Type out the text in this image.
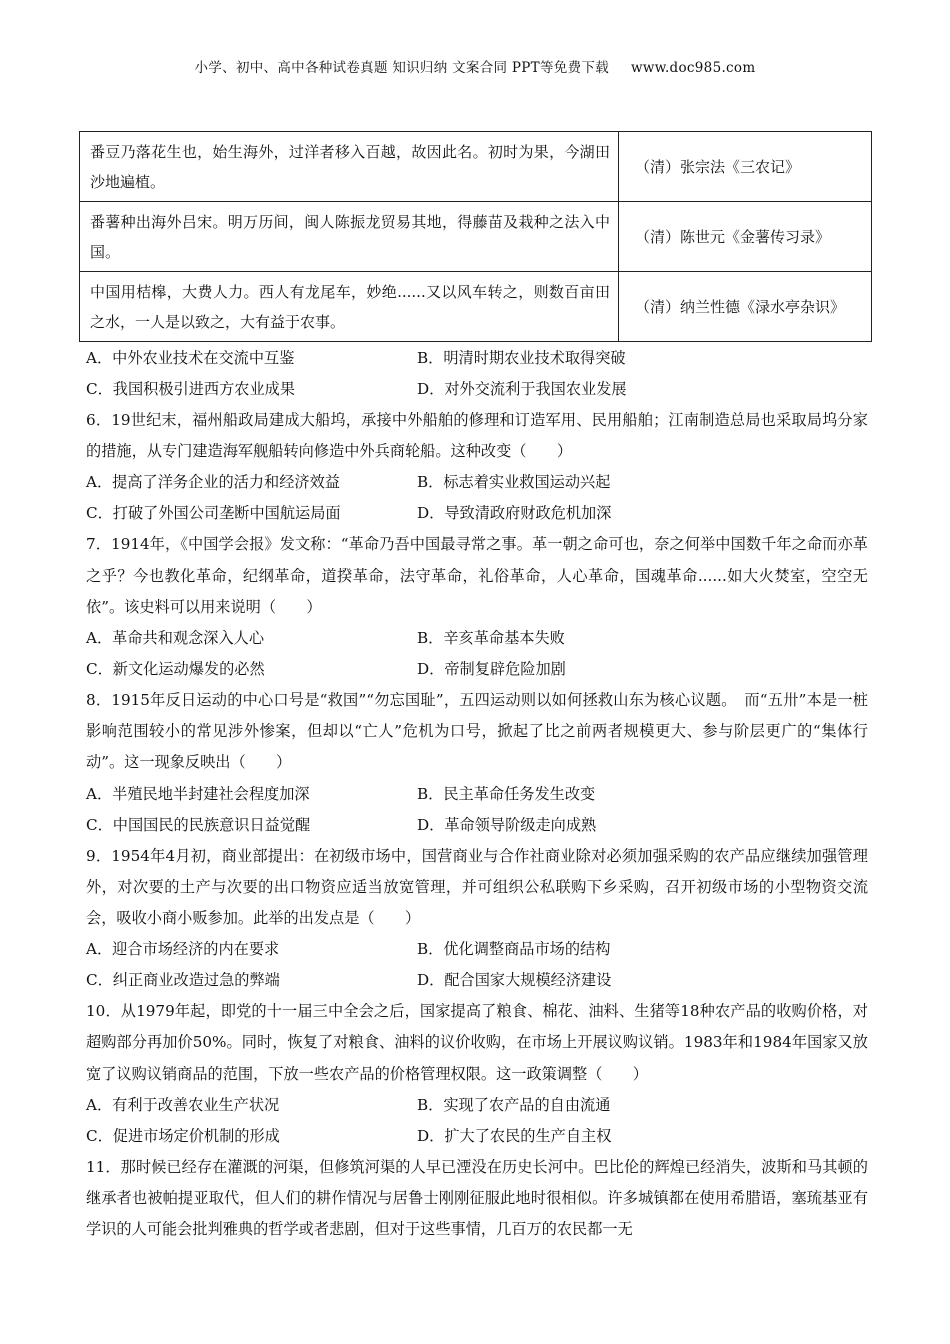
小学、初中、高中各种试卷真题 知识归纳 文案合同 PPT等免费下载 www.doc985.com
番豆乃落花生也，始生海外，过洋者移入百越，故因此名。初时为果，今湖田沙地遍植。	（清）张宗法《三农记》
番薯种出海外吕宋。明万历间，闽人陈振龙贸易其地，得藤苗及栽种之法入中国。	（清）陈世元《金薯传习录》
中国用桔槔，大费人力。西人有龙尾车，妙绝......又以风车转之，则数百亩田之水，一人是以致之，大有益于农事。	（清）纳兰性德《渌水亭杂识》
A．中外农业技术在交流中互鉴	B．明清时期农业技术取得突破
C．我国积极引进西方农业成果	D．对外交流利于我国农业发展
6．19世纪末，福州船政局建成大船坞，承接中外船舶的修理和订造军用、民用船舶；江南制造总局也采取局坞分家的措施，从专门建造海军舰船转向修造中外兵商轮船。这种改变（　　）
A．提高了洋务企业的活力和经济效益	B．标志着实业救国运动兴起
C．打破了外国公司垄断中国航运局面	D．导致清政府财政危机加深
7．1914年，《中国学会报》发文称：“革命乃吾中国最寻常之事。革一朝之命可也，奈之何举中国数千年之命而亦革之乎？今也教化革命，纪纲革命，道揆革命，法守革命，礼俗革命，人心革命，国魂革命......如大火焚室，空空无依”。该史料可以用来说明（　　）
A．革命共和观念深入人心	B．辛亥革命基本失败
C．新文化运动爆发的必然	D．帝制复辟危险加剧
8．1915年反日运动的中心口号是“救国”“勿忘国耻”，五四运动则以如何拯救山东为核心议题。　而“五卅”本是一桩影响范围较小的常见涉外惨案，但却以“亡人”危机为口号，掀起了比之前两者规模更大、参与阶层更广的“集体行动”。这一现象反映出（　　）
A．半殖民地半封建社会程度加深	B．民主革命任务发生改变
C．中国国民的民族意识日益觉醒	D．革命领导阶级走向成熟
9．1954年4月初，商业部提出：在初级市场中，国营商业与合作社商业除对必须加强采购的农产品应继续加强管理外，对次要的土产与次要的出口物资应适当放宽管理，并可组织公私联购下乡采购，召开初级市场的小型物资交流会，吸收小商小贩参加。此举的出发点是（　　）
A．迎合市场经济的内在要求	B．优化调整商品市场的结构
C．纠正商业改造过急的弊端	D．配合国家大规模经济建设
10．从1979年起，即党的十一届三中全会之后，国家提高了粮食、棉花、油料、生猪等18种农产品的收购价格，对超购部分再加价50%。同时，恢复了对粮食、油料的议价收购，在市场上开展议购议销。1983年和1984年国家又放宽了议购议销商品的范围，下放一些农产品的价格管理权限。这一政策调整（　　）
A．有利于改善农业生产状况	B．实现了农产品的自由流通
C．促进市场定价机制的形成	D．扩大了农民的生产自主权
11．那时候已经存在灌溉的河渠，但修筑河渠的人早已湮没在历史长河中。巴比伦的辉煌已经消失，波斯和马其顿的继承者也被帕提亚取代，但人们的耕作情况与居鲁士刚刚征服此地时很相似。许多城镇都在使用希腊语，塞琉基亚有学识的人可能会批判雅典的哲学或者悲剧，但对于这些事情，几百万的农民都一无
